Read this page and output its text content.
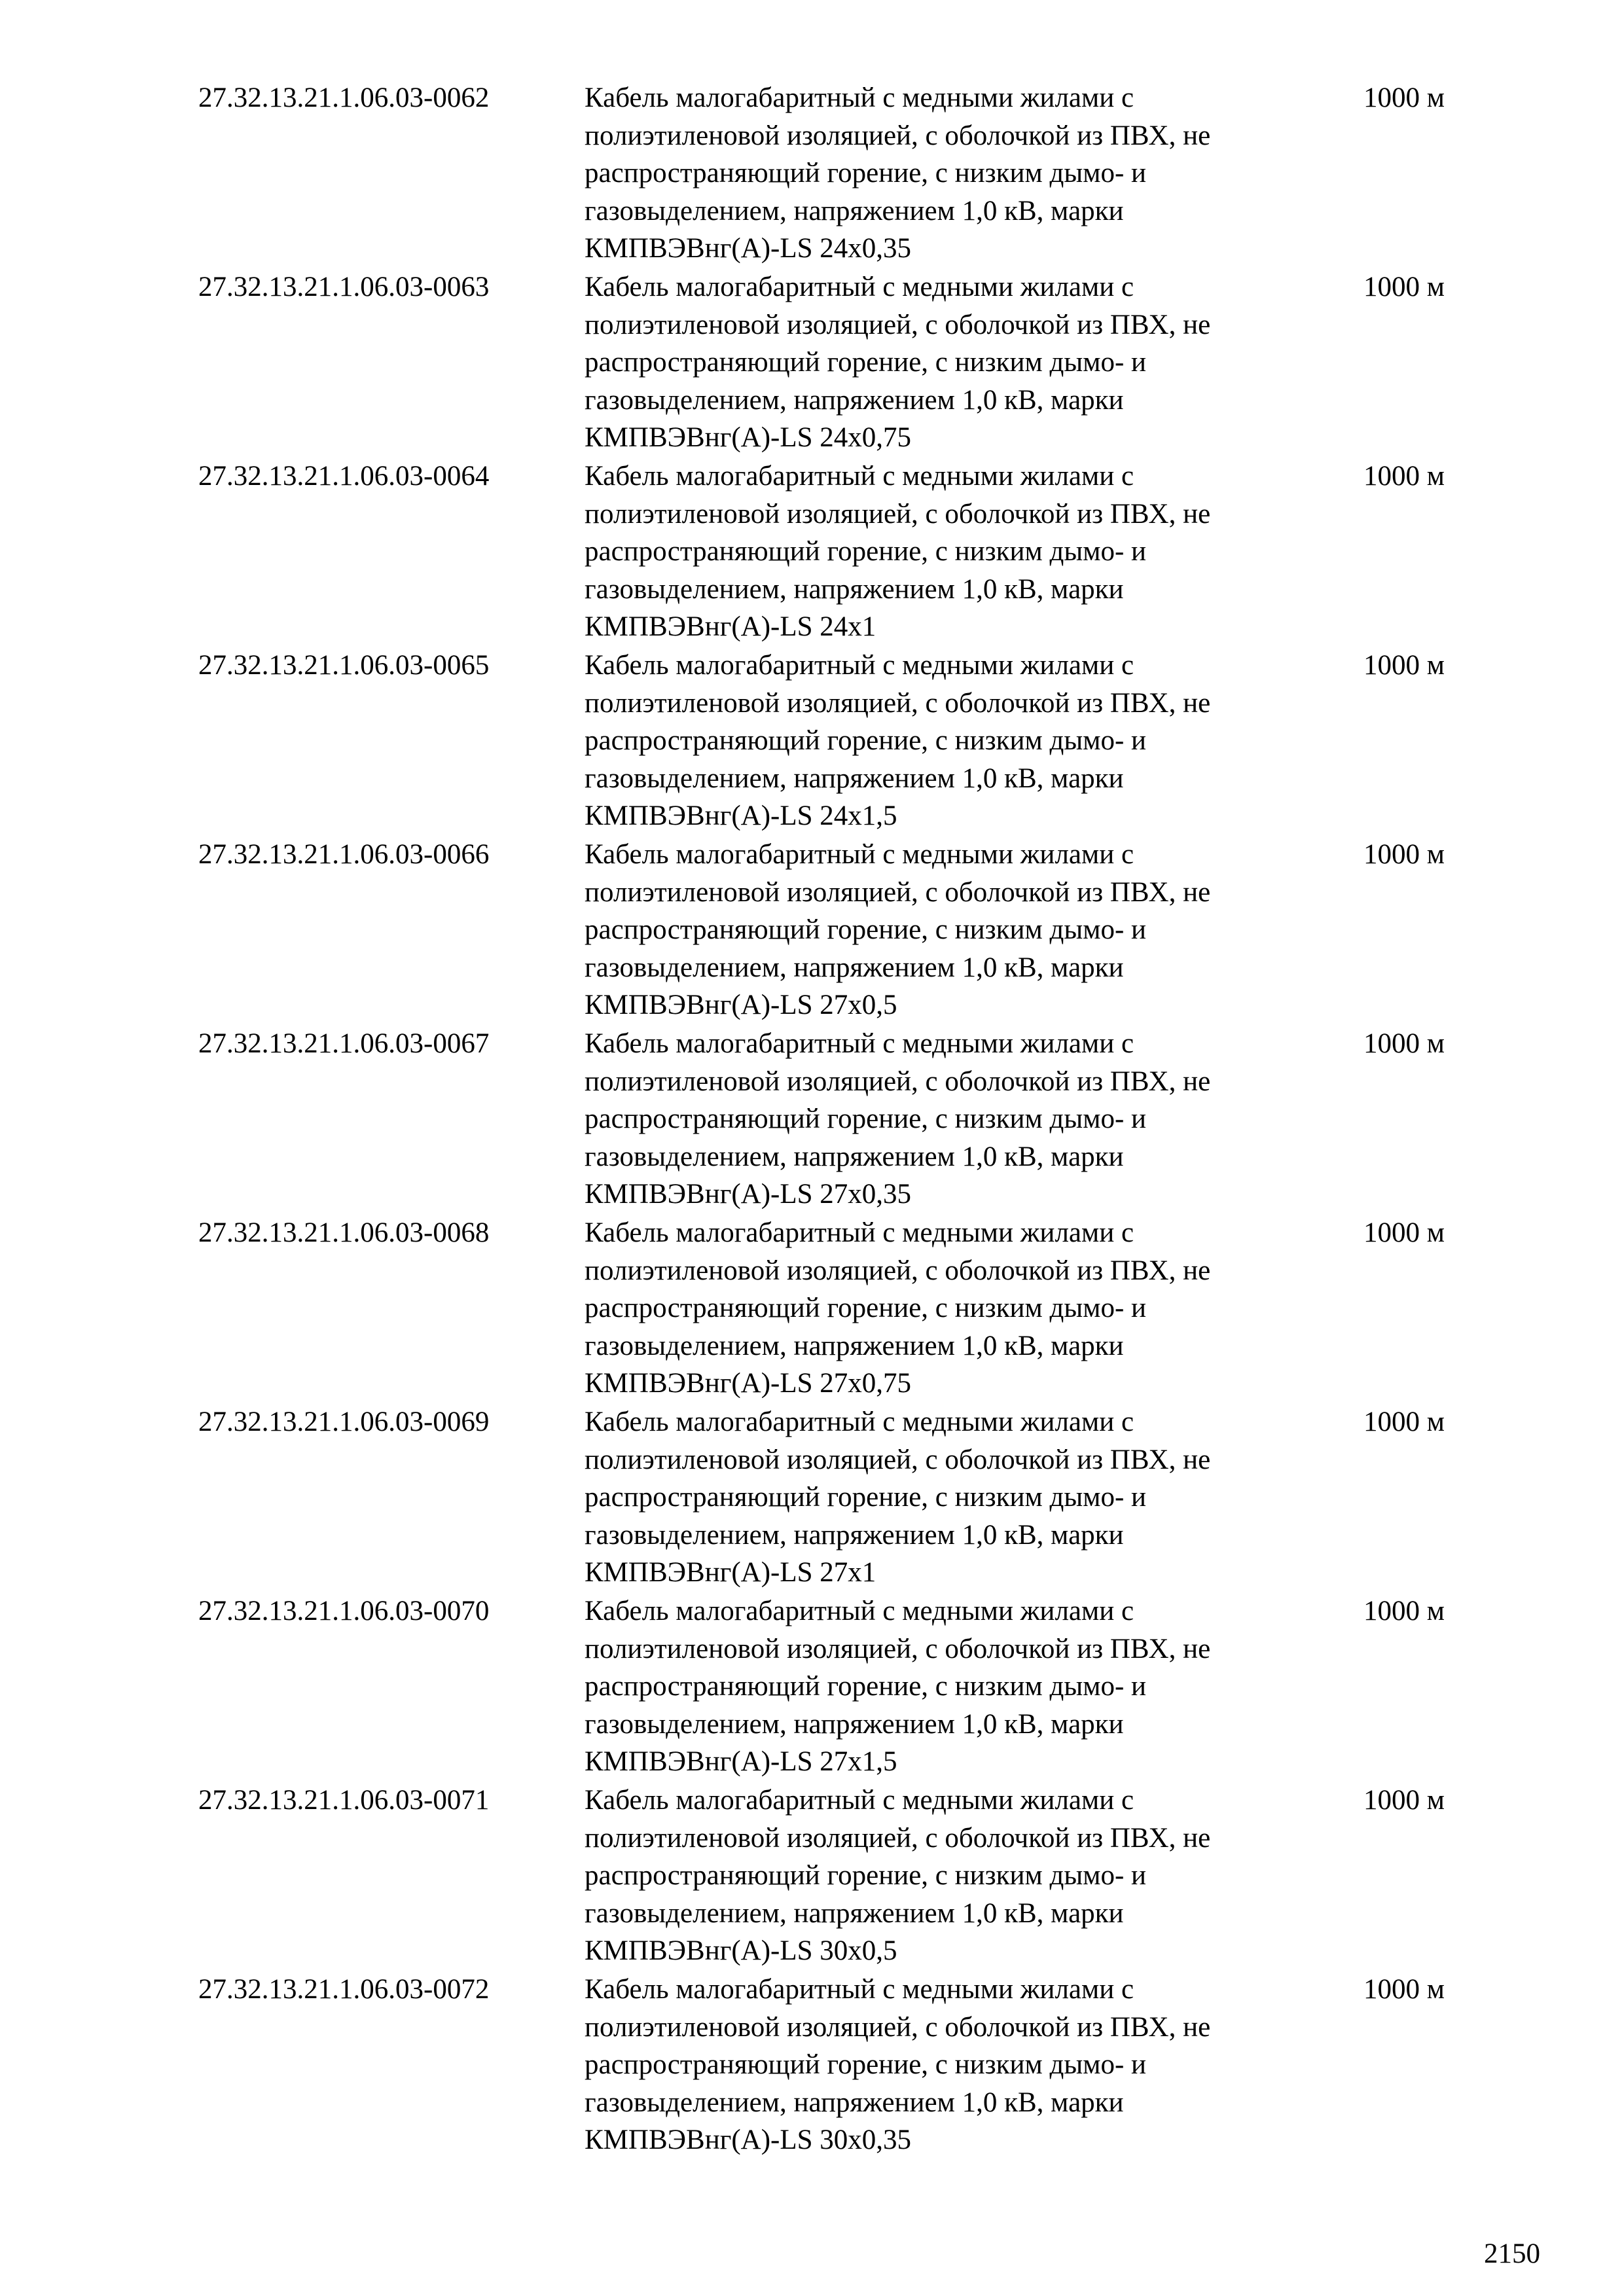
27.32.13.21.1.06.03-0062	Кабель малогабаритный с медными жилами с
полиэтиленовой изоляцией, с оболочкой из ПВХ, не
распространяющий горение, с низким дымо- и
газовыделением, напряжением 1,0 кВ, марки
КМПВЭВнг(А)-LS 24x0,35
1000 м
27.32.13.21.1.06.03-0063	Кабель малогабаритный с медными жилами с
полиэтиленовой изоляцией, с оболочкой из ПВХ, не
распространяющий горение, с низким дымо- и
газовыделением, напряжением 1,0 кВ, марки
КМПВЭВнг(А)-LS 24x0,75
1000 м
27.32.13.21.1.06.03-0064	Кабель малогабаритный с медными жилами с
полиэтиленовой изоляцией, с оболочкой из ПВХ, не
распространяющий горение, с низким дымо- и
газовыделением, напряжением 1,0 кВ, марки
КМПВЭВнг(А)-LS 24x1
1000 м
27.32.13.21.1.06.03-0065	Кабель малогабаритный с медными жилами с
полиэтиленовой изоляцией, с оболочкой из ПВХ, не
распространяющий горение, с низким дымо- и
газовыделением, напряжением 1,0 кВ, марки
КМПВЭВнг(А)-LS 24x1,5
1000 м
27.32.13.21.1.06.03-0066	Кабель малогабаритный с медными жилами с
полиэтиленовой изоляцией, с оболочкой из ПВХ, не
распространяющий горение, с низким дымо- и
газовыделением, напряжением 1,0 кВ, марки
КМПВЭВнг(А)-LS 27x0,5
1000 м
27.32.13.21.1.06.03-0067	Кабель малогабаритный с медными жилами с
полиэтиленовой изоляцией, с оболочкой из ПВХ, не
распространяющий горение, с низким дымо- и
газовыделением, напряжением 1,0 кВ, марки
КМПВЭВнг(А)-LS 27x0,35
1000 м
27.32.13.21.1.06.03-0068	Кабель малогабаритный с медными жилами с
полиэтиленовой изоляцией, с оболочкой из ПВХ, не
распространяющий горение, с низким дымо- и
газовыделением, напряжением 1,0 кВ, марки
КМПВЭВнг(А)-LS 27x0,75
1000 м
27.32.13.21.1.06.03-0069	Кабель малогабаритный с медными жилами с
полиэтиленовой изоляцией, с оболочкой из ПВХ, не
распространяющий горение, с низким дымо- и
газовыделением, напряжением 1,0 кВ, марки
КМПВЭВнг(А)-LS 27x1
1000 м
27.32.13.21.1.06.03-0070	Кабель малогабаритный с медными жилами с
полиэтиленовой изоляцией, с оболочкой из ПВХ, не
распространяющий горение, с низким дымо- и
газовыделением, напряжением 1,0 кВ, марки
КМПВЭВнг(А)-LS 27x1,5
1000 м
27.32.13.21.1.06.03-0071	Кабель малогабаритный с медными жилами с
полиэтиленовой изоляцией, с оболочкой из ПВХ, не
распространяющий горение, с низким дымо- и
газовыделением, напряжением 1,0 кВ, марки
КМПВЭВнг(А)-LS 30x0,5
1000 м
27.32.13.21.1.06.03-0072	Кабель малогабаритный с медными жилами с
полиэтиленовой изоляцией, с оболочкой из ПВХ, не
распространяющий горение, с низким дымо- и
газовыделением, напряжением 1,0 кВ, марки
КМПВЭВнг(А)-LS 30x0,35
1000 м
2150
